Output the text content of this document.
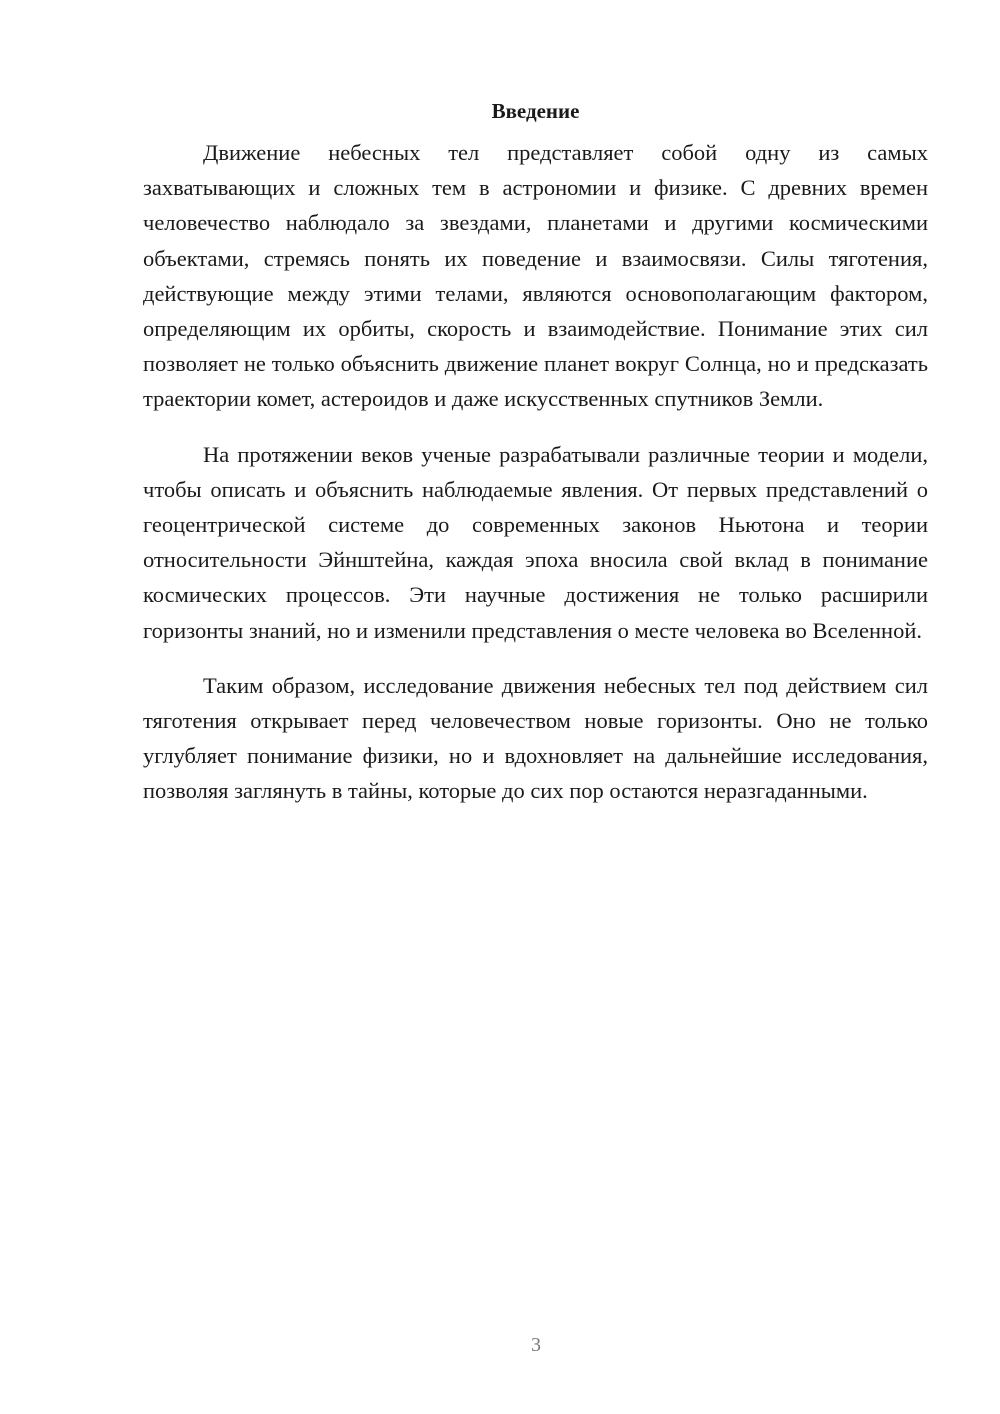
Введение

Движение небесных тел представляет собой одну из самых захватывающих и сложных тем в астрономии и физике. С древних времен человечество наблюдало за звездами, планетами и другими космическими объектами, стремясь понять их поведение и взаимосвязи. Силы тяготения, действующие между этими телами, являются основополагающим фактором, определяющим их орбиты, скорость и взаимодействие. Понимание этих сил позволяет не только объяснить движение планет вокруг Солнца, но и предсказать траектории комет, астероидов и даже искусственных спутников Земли.

На протяжении веков ученые разрабатывали различные теории и модели, чтобы описать и объяснить наблюдаемые явления. От первых представлений о геоцентрической системе до современных законов Ньютона и теории относительности Эйнштейна, каждая эпоха вносила свой вклад в понимание космических процессов. Эти научные достижения не только расширили горизонты знаний, но и изменили представления о месте человека во Вселенной.

Таким образом, исследование движения небесных тел под действием сил тяготения открывает перед человечеством новые горизонты. Оно не только углубляет понимание физики, но и вдохновляет на дальнейшие исследования, позволяя заглянуть в тайны, которые до сих пор остаются неразгаданными.

3
